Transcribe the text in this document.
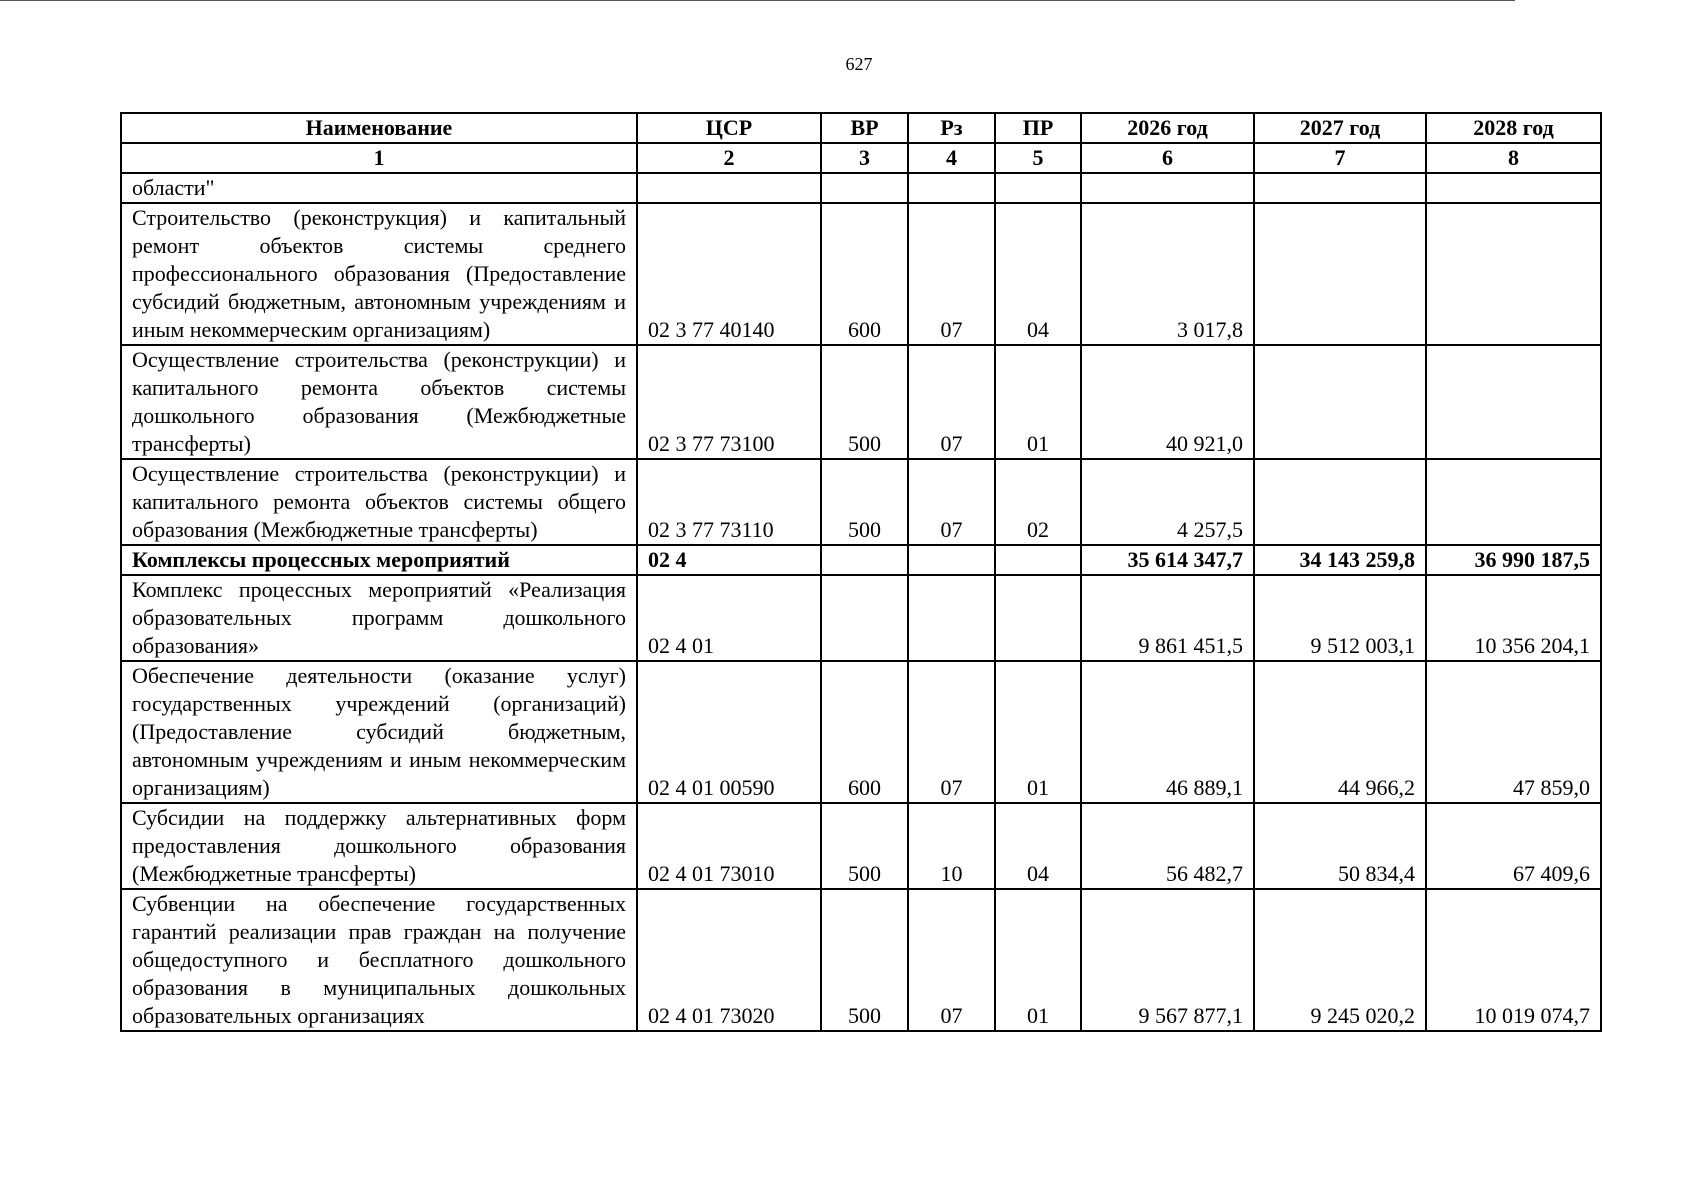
627
Наименование	ЦСР	ВР	Рз	ПР	2026 год	2027 год	2028 год
1	2	3	4	5	6	7	8
области"							
Строительство (реконструкция) и капитальный ремонт объектов системы среднего профессионального образования (Предоставление субсидий бюджетным, автономным учреждениям и иным некоммерческим организациям)	02 3 77 40140	600	07	04	3 017,8		
Осуществление строительства (реконструкции) и капитального ремонта объектов системы дошкольного образования (Межбюджетные трансферты)	02 3 77 73100	500	07	01	40 921,0		
Осуществление строительства (реконструкции) и капитального ремонта объектов системы общего образования (Межбюджетные трансферты)	02 3 77 73110	500	07	02	4 257,5		
Комплексы процессных мероприятий	02 4				35 614 347,7	34 143 259,8	36 990 187,5
Комплекс процессных мероприятий «Реализация образовательных программ дошкольного образования»	02 4 01				9 861 451,5	9 512 003,1	10 356 204,1
Обеспечение деятельности (оказание услуг) государственных учреждений (организаций) (Предоставление субсидий бюджетным, автономным учреждениям и иным некоммерческим организациям)	02 4 01 00590	600	07	01	46 889,1	44 966,2	47 859,0
Субсидии на поддержку альтернативных форм предоставления дошкольного образования (Межбюджетные трансферты)	02 4 01 73010	500	10	04	56 482,7	50 834,4	67 409,6
Субвенции на обеспечение государственных гарантий реализации прав граждан на получение общедоступного и бесплатного дошкольного образования в муниципальных дошкольных образовательных организациях	02 4 01 73020	500	07	01	9 567 877,1	9 245 020,2	10 019 074,7
